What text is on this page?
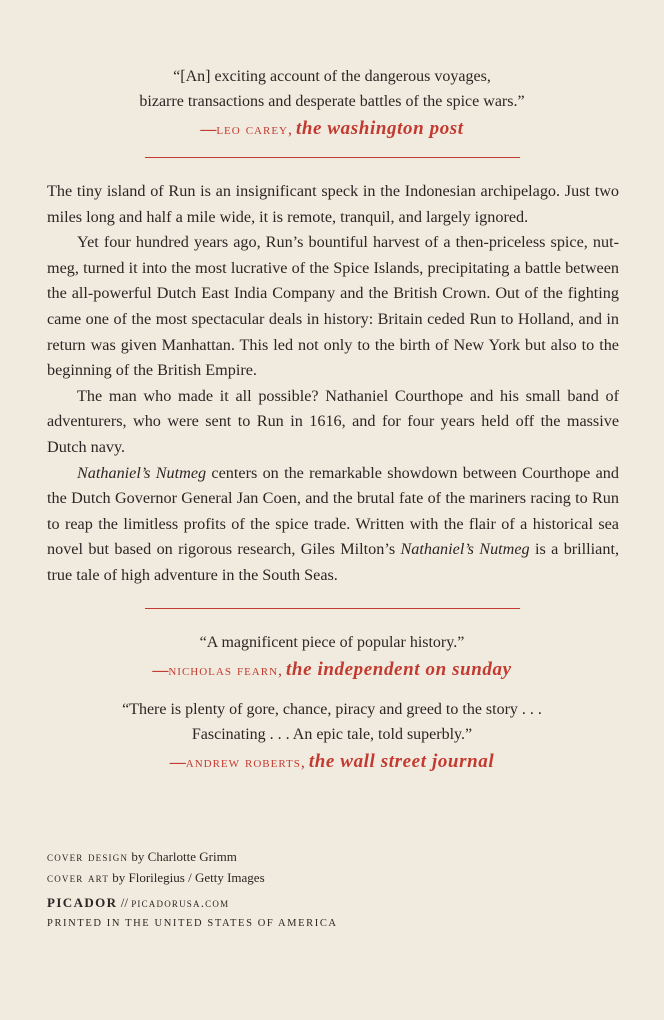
“[An] exciting account of the dangerous voyages,
bizarre transactions and desperate battles of the spice wars.”
—leo carey, the washington post

The tiny island of Run is an insignificant speck in the Indonesian archipelago. Just two miles long and half a mile wide, it is remote, tranquil, and largely ignored.

Yet four hundred years ago, Run’s bountiful harvest of a then-priceless spice, nutmeg, turned it into the most lucrative of the Spice Islands, precipitating a battle between the all-powerful Dutch East India Company and the British Crown. Out of the fighting came one of the most spectacular deals in history: Britain ceded Run to Holland, and in return was given Manhattan. This led not only to the birth of New York but also to the beginning of the British Empire.

The man who made it all possible? Nathaniel Courthope and his small band of adventurers, who were sent to Run in 1616, and for four years held off the massive Dutch navy.

Nathaniel’s Nutmeg centers on the remarkable showdown between Courthope and the Dutch Governor General Jan Coen, and the brutal fate of the mariners racing to Run to reap the limitless profits of the spice trade. Written with the flair of a historical sea novel but based on rigorous research, Giles Milton’s Nathaniel’s Nutmeg is a brilliant, true tale of high adventure in the South Seas.

“A magnificent piece of popular history.”
—nicholas fearn, the independent on sunday
“There is plenty of gore, chance, piracy and greed to the story . . .
Fascinating . . . An epic tale, told superbly.”
—andrew roberts, the wall street journal
cover design by Charlotte Grimm
cover art by Florilegius / Getty Images
PICADOR // picadorusa.com
PRINTED IN THE UNITED STATES OF AMERICA
